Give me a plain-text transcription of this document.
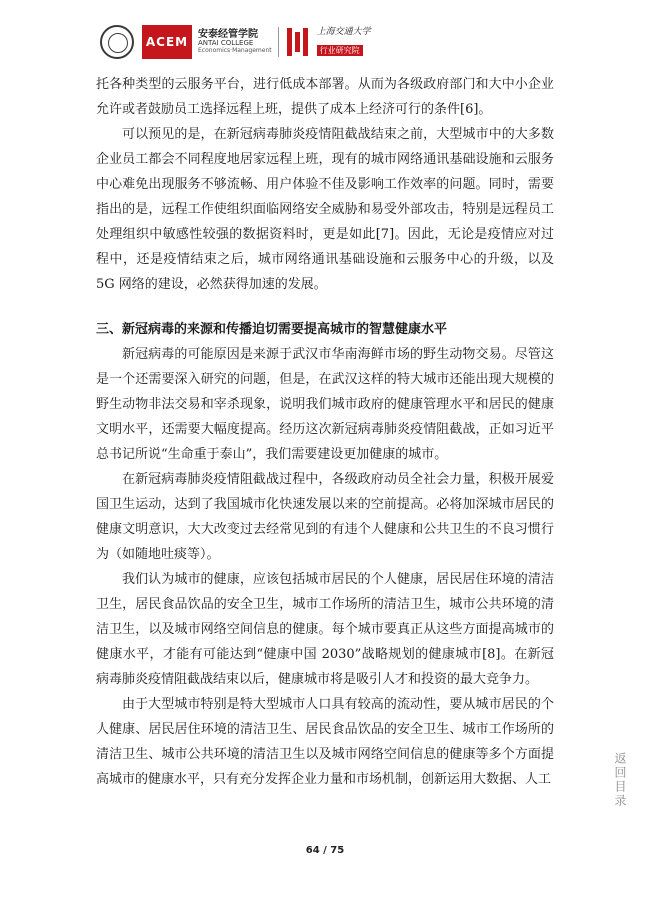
ACEM
安泰经管学院
ANTAI COLLEGE
Economics·Management
上海交通大学
行业研究院

托各种类型的云服务平台，进行低成本部署。从而为各级政府部门和大中小企业允许或者鼓励员工选择远程上班，提供了成本上经济可行的条件[6]。

可以预见的是，在新冠病毒肺炎疫情阻截战结束之前，大型城市中的大多数企业员工都会不同程度地居家远程上班，现有的城市网络通讯基础设施和云服务中心难免出现服务不够流畅、用户体验不佳及影响工作效率的问题。同时，需要指出的是，远程工作使组织面临网络安全威胁和易受外部攻击，特别是远程员工处理组织中敏感性较强的数据资料时，更是如此[7]。因此，无论是疫情应对过程中，还是疫情结束之后，城市网络通讯基础设施和云服务中心的升级，以及 5G 网络的建设，必然获得加速的发展。

三、新冠病毒的来源和传播迫切需要提高城市的智慧健康水平

新冠病毒的可能原因是来源于武汉市华南海鲜市场的野生动物交易。尽管这是一个还需要深入研究的问题，但是，在武汉这样的特大城市还能出现大规模的野生动物非法交易和宰杀现象，说明我们城市政府的健康管理水平和居民的健康文明水平，还需要大幅度提高。经历这次新冠病毒肺炎疫情阻截战，正如习近平总书记所说“生命重于泰山”，我们需要建设更加健康的城市。

在新冠病毒肺炎疫情阻截战过程中，各级政府动员全社会力量，积极开展爱国卫生运动，达到了我国城市化快速发展以来的空前提高。必将加深城市居民的健康文明意识，大大改变过去经常见到的有违个人健康和公共卫生的不良习惯行为（如随地吐痰等）。

我们认为城市的健康，应该包括城市居民的个人健康，居民居住环境的清洁卫生，居民食品饮品的安全卫生，城市工作场所的清洁卫生，城市公共环境的清洁卫生，以及城市网络空间信息的健康。每个城市要真正从这些方面提高城市的健康水平，才能有可能达到“健康中国 2030”战略规划的健康城市[8]。在新冠病毒肺炎疫情阻截战结束以后，健康城市将是吸引人才和投资的最大竞争力。

由于大型城市特别是特大型城市人口具有较高的流动性，要从城市居民的个人健康、居民居住环境的清洁卫生、居民食品饮品的安全卫生、城市工作场所的清洁卫生、城市公共环境的清洁卫生以及城市网络空间信息的健康等多个方面提高城市的健康水平，只有充分发挥企业力量和市场机制，创新运用大数据、人工	返回目录
64 / 75
